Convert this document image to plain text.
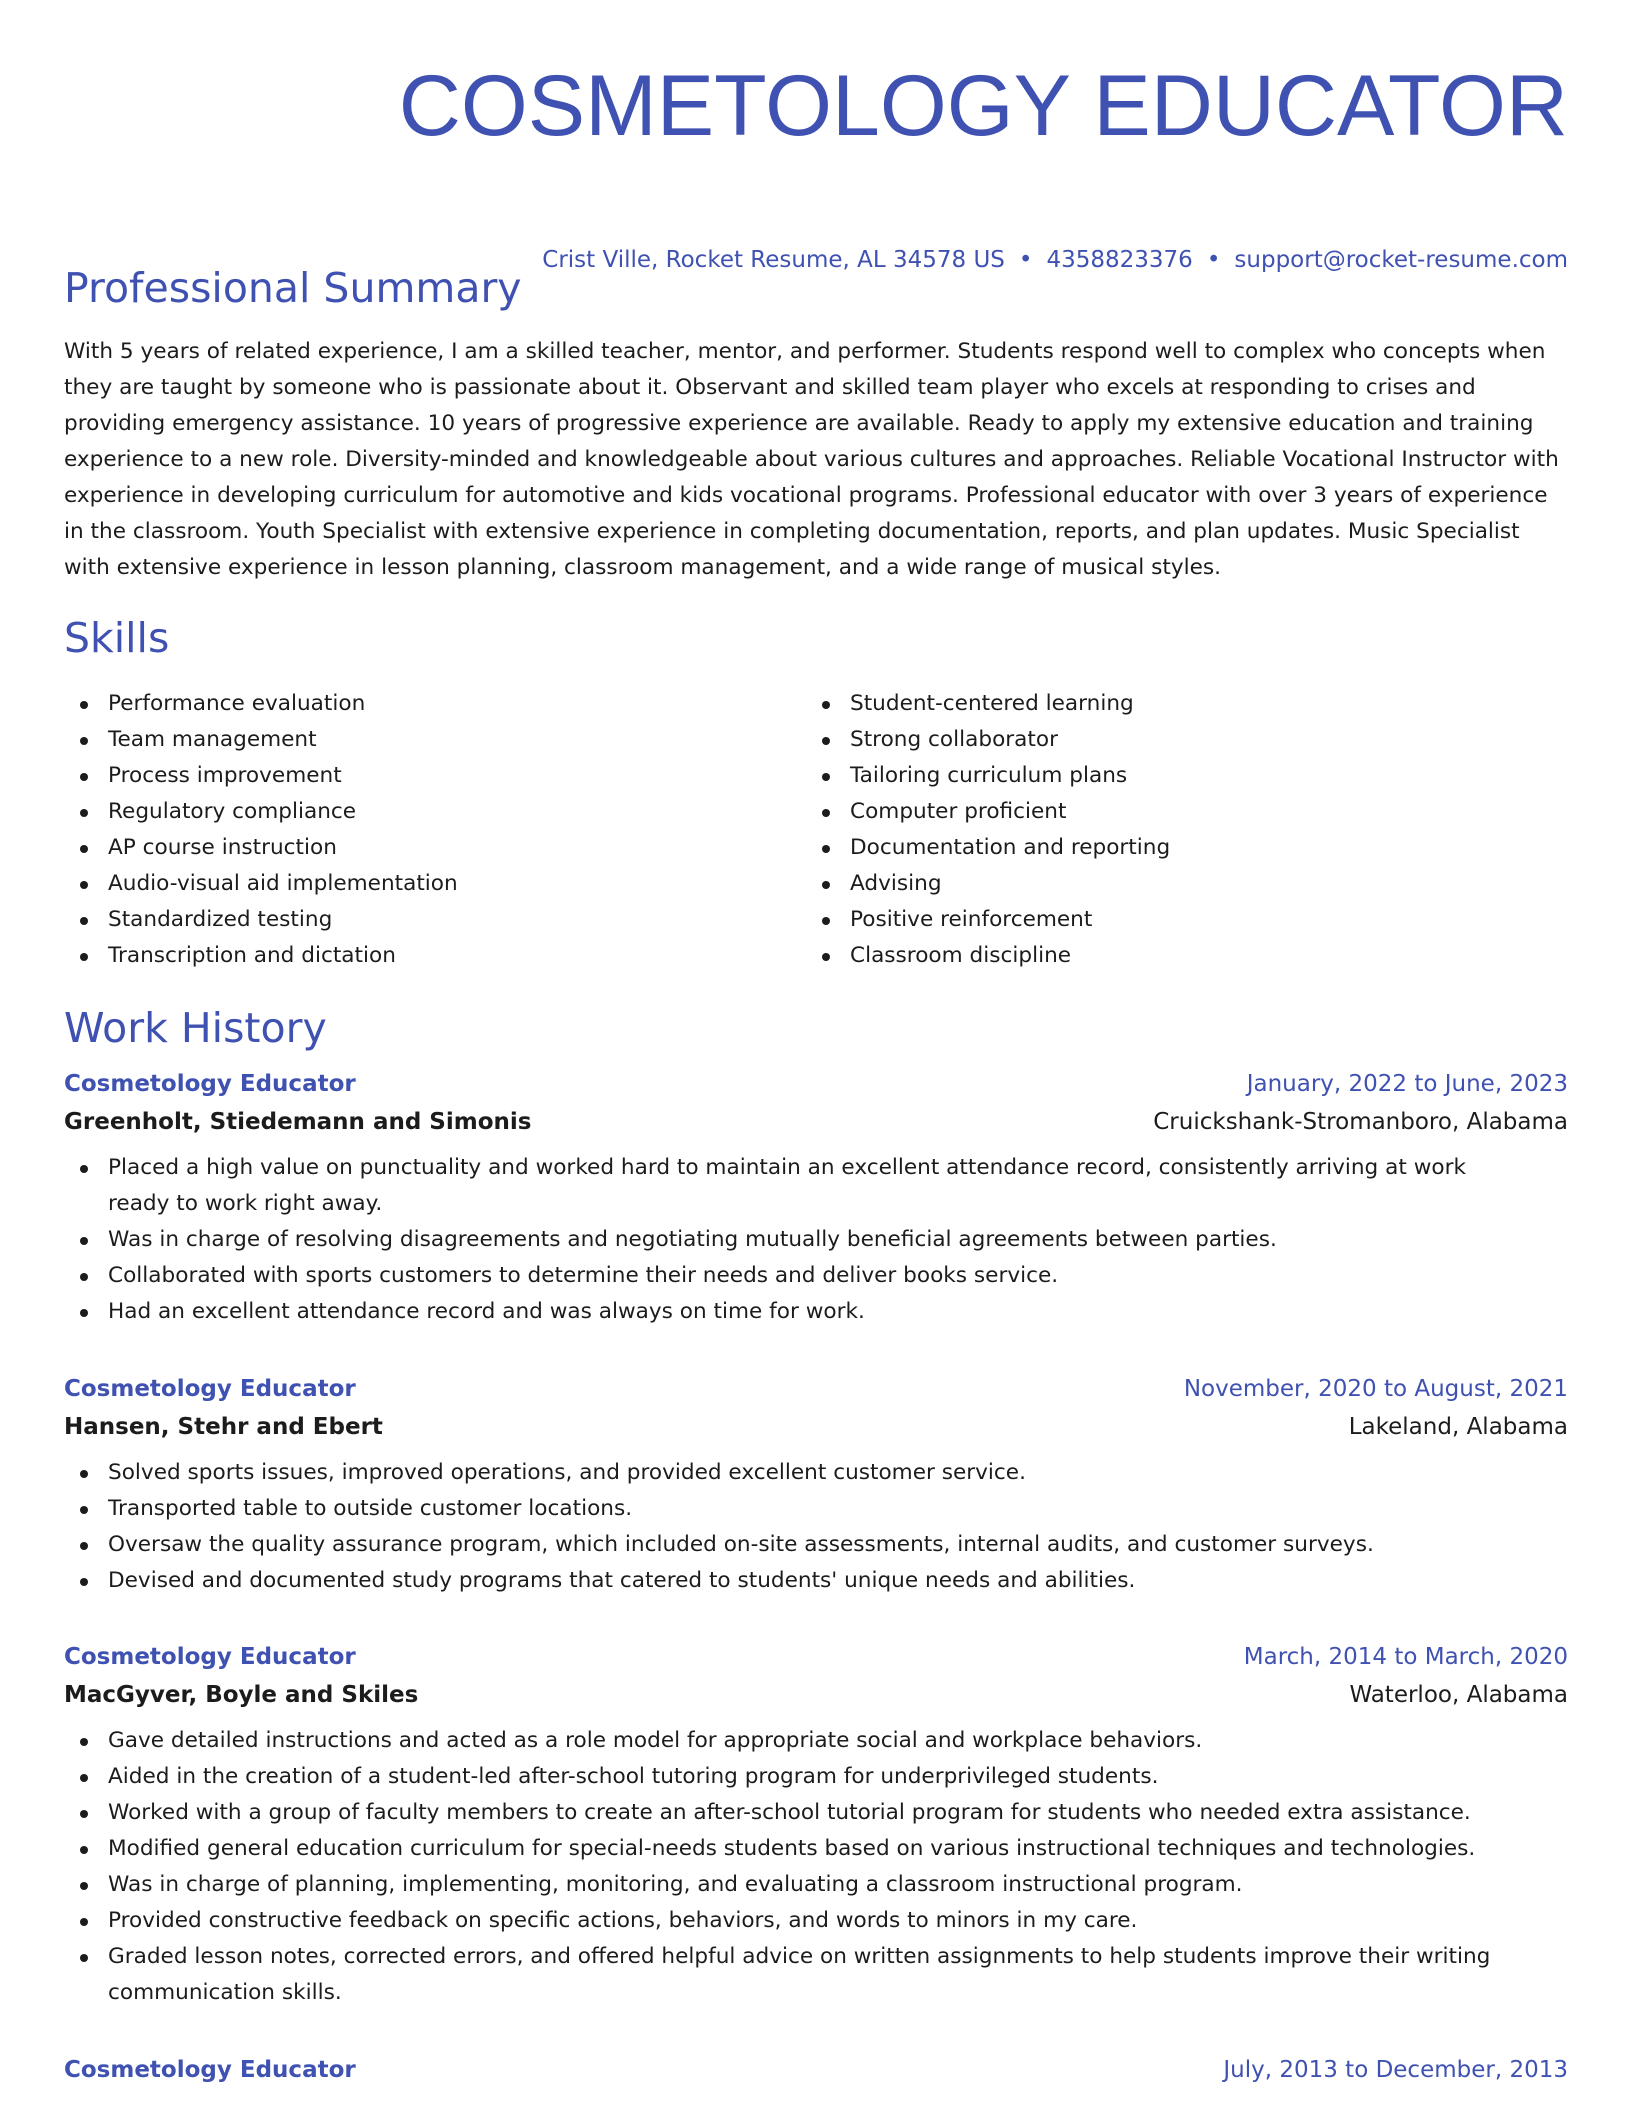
COSMETOLOGY EDUCATOR
Crist Ville, Rocket Resume, AL 34578 US • 4358823376 • support@rocket-resume.com
Professional Summary

With 5 years of related experience, I am a skilled teacher, mentor, and performer. Students respond well to complex who concepts when they are taught by someone who is passionate about it. Observant and skilled team player who excels at responding to crises and providing emergency assistance. 10 years of progressive experience are available. Ready to apply my extensive education and training experience to a new role. Diversity-minded and knowledgeable about various cultures and approaches. Reliable Vocational Instructor with experience in developing curriculum for automotive and kids vocational programs. Professional educator with over 3 years of experience in the classroom. Youth Specialist with extensive experience in completing documentation, reports, and plan updates. Music Specialist with extensive experience in lesson planning, classroom management, and a wide range of musical styles.

Skills
Performance evaluation
Team management
Process improvement
Regulatory compliance
AP course instruction
Audio-visual aid implementation
Standardized testing
Transcription and dictation
Student-centered learning
Strong collaborator
Tailoring curriculum plans
Computer proficient
Documentation and reporting
Advising
Positive reinforcement
Classroom discipline
Work History
Cosmetology Educator	January, 2022 to June, 2023
Greenholt, Stiedemann and Simonis	Cruickshank-Stromanboro, Alabama
Placed a high value on punctuality and worked hard to maintain an excellent attendance record, consistently arriving at work ready to work right away.
Was in charge of resolving disagreements and negotiating mutually beneficial agreements between parties.
Collaborated with sports customers to determine their needs and deliver books service.
Had an excellent attendance record and was always on time for work.
Cosmetology Educator	November, 2020 to August, 2021
Hansen, Stehr and Ebert	Lakeland, Alabama
Solved sports issues, improved operations, and provided excellent customer service.
Transported table to outside customer locations.
Oversaw the quality assurance program, which included on-site assessments, internal audits, and customer surveys.
Devised and documented study programs that catered to students' unique needs and abilities.
Cosmetology Educator	March, 2014 to March, 2020
MacGyver, Boyle and Skiles	Waterloo, Alabama
Gave detailed instructions and acted as a role model for appropriate social and workplace behaviors.
Aided in the creation of a student-led after-school tutoring program for underprivileged students.
Worked with a group of faculty members to create an after-school tutorial program for students who needed extra assistance.
Modified general education curriculum for special-needs students based on various instructional techniques and technologies.
Was in charge of planning, implementing, monitoring, and evaluating a classroom instructional program.
Provided constructive feedback on specific actions, behaviors, and words to minors in my care.
Graded lesson notes, corrected errors, and offered helpful advice on written assignments to help students improve their writing communication skills.
Cosmetology Educator	July, 2013 to December, 2013
